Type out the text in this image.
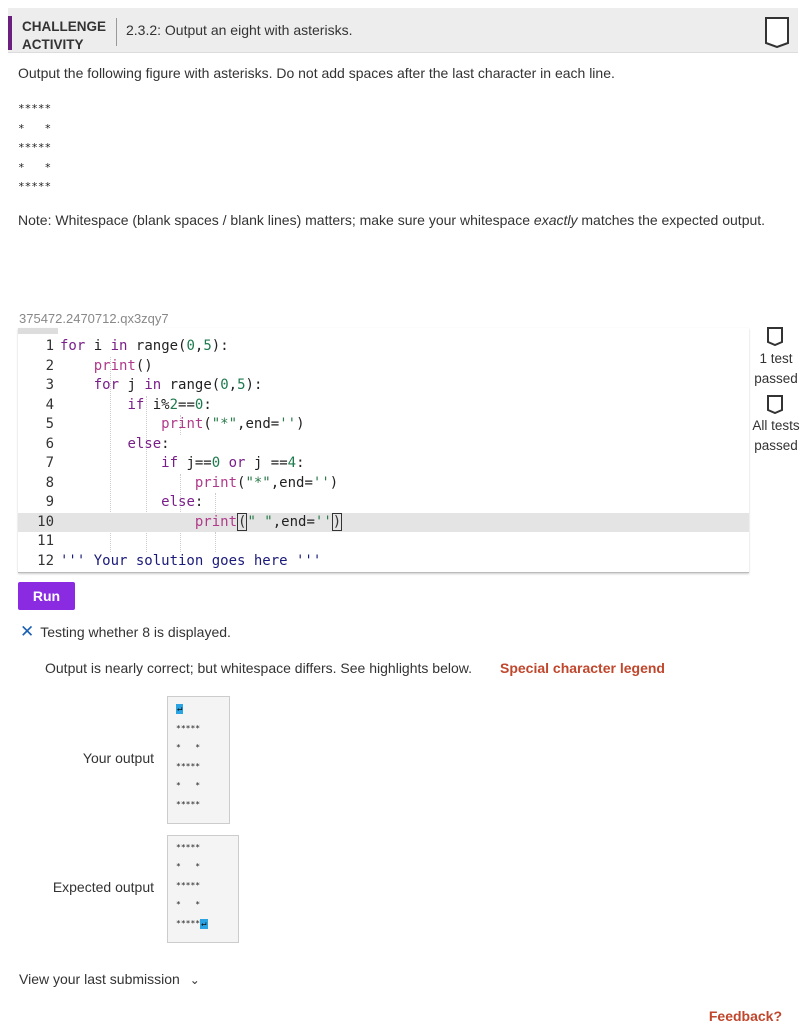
CHALLENGE ACTIVITY
2.3.2: Output an eight with asterisks.
Output the following figure with asterisks. Do not add spaces after the last character in each line.
*****
*   *
*****
*   *
*****
Note: Whitespace (blank spaces / blank lines) matters; make sure your whitespace exactly matches the expected output.
375472.2470712.qx3zqy7
1 for i in range(0,5):
2	print()
3	for j in range(0,5):
4	if i%2==0:
5	print("*",end='')
6	else:
7	if j==0 or j ==4:
8	print("*",end='')
9	else:
10	print(" ",end='')
11
12 ''' Your solution goes here '''
1 test passed
All tests passed
Run
✕ Testing whether 8 is displayed.
Output is nearly correct; but whitespace differs. See highlights below. Special character legend
Your output
↵
*****
*   *
*****
*   *
*****
Expected output
*****
*   *
*****
*   *
*****↵
View your last submission ⌄
Feedback?
